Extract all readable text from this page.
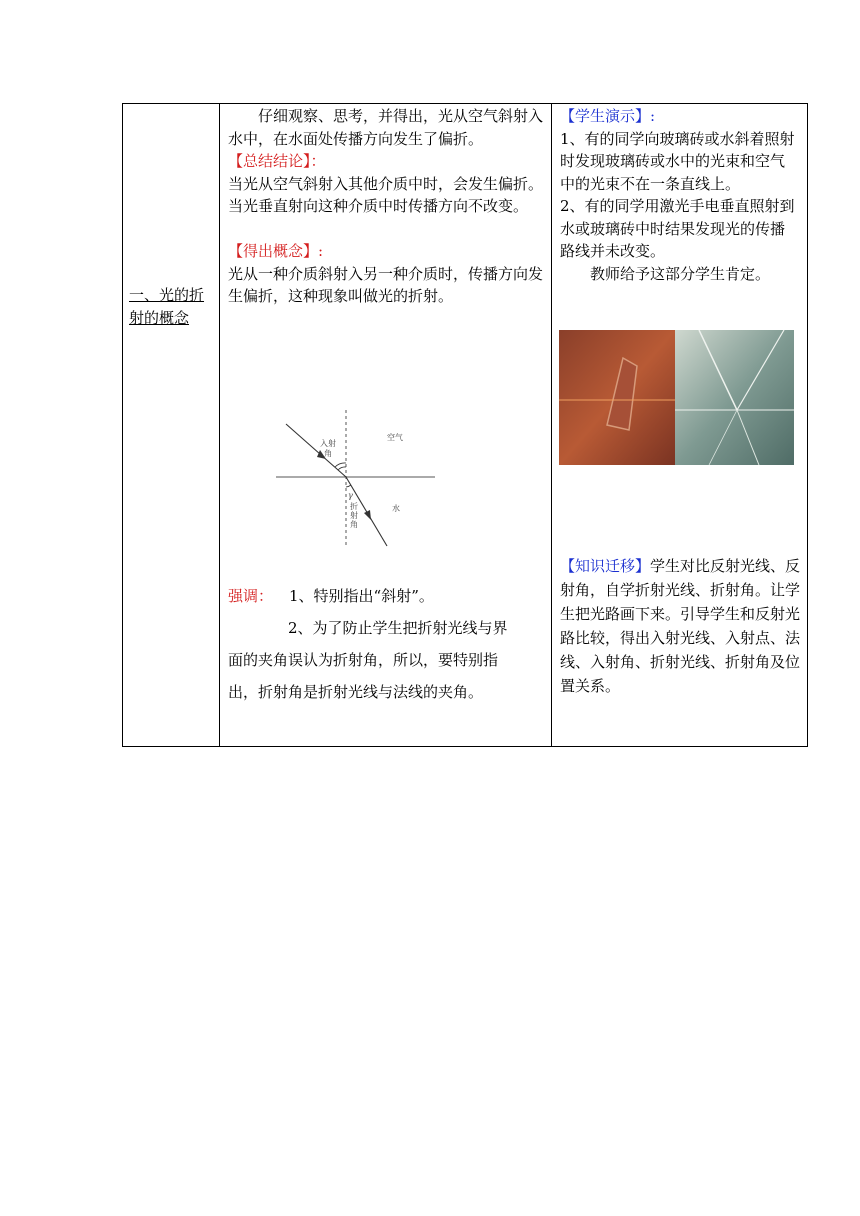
一、光的折射的概念

仔细观察、思考，并得出，光从空气斜射入水中，在水面处传播方向发生了偏折。

【总结结论】：

当光从空气斜射入其他介质中时，会发生偏折。

当光垂直射向这种介质中时传播方向不改变。

【得出概念】:

光从一种介质斜射入另一种介质时，传播方向发生偏折，这种现象叫做光的折射。

入射
角
空气
γ
折
射
角
水

强调： 1、特别指出“斜射”。

2、为了防止学生把折射光线与界

面的夹角误认为折射角，所以，要特别指

出，折射角是折射光线与法线的夹角。

【学生演示】:

1、有的同学向玻璃砖或水斜着照射时发现玻璃砖或水中的光束和空气中的光束不在一条直线上。

2、有的同学用激光手电垂直照射到水或玻璃砖中时结果发现光的传播路线并未改变。

教师给予这部分学生肯定。

【知识迁移】学生对比反射光线、反射角，自学折射光线、折射角。让学生把光路画下来。引导学生和反射光路比较，得出入射光线、入射点、法线、入射角、折射光线、折射角及位置关系。
